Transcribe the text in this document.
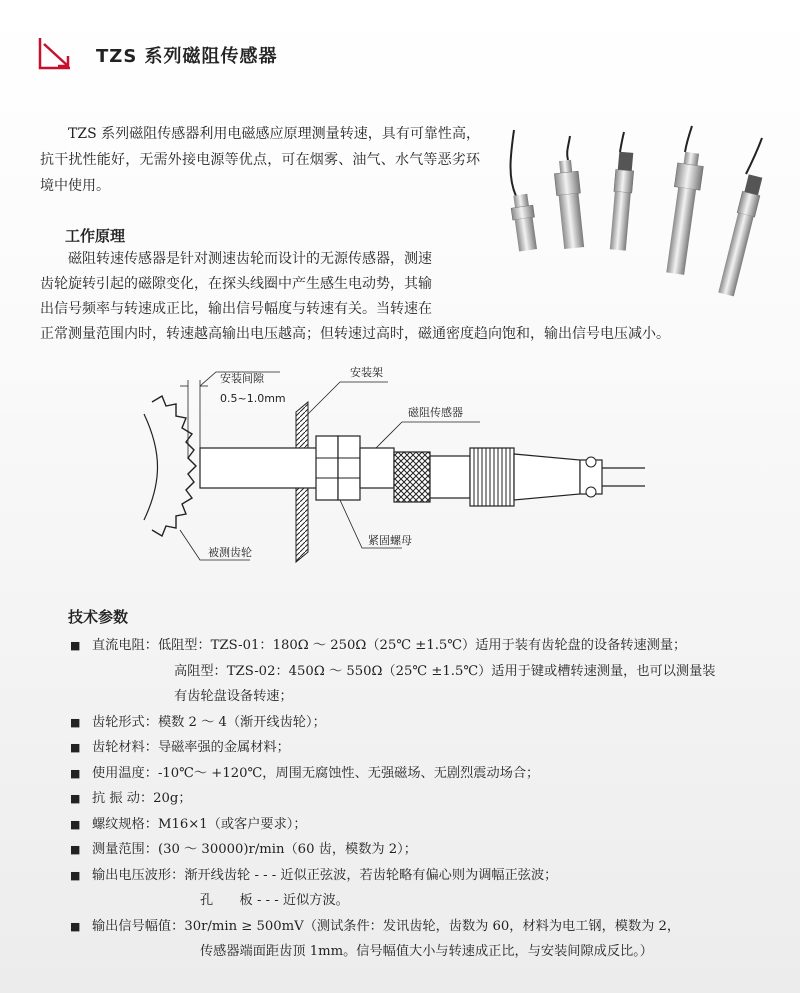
TZS 系列磁阻传感器

TZS 系列磁阻传感器利用电磁感应原理测量转速，具有可靠性高，抗干扰性能好，无需外接电源等优点，可在烟雾、油气、水气等恶劣环境中使用。

工作原理
磁阻转速传感器是针对测速齿轮而设计的无源传感器，测速
齿轮旋转引起的磁隙变化，在探头线圈中产生感生电动势，其输
出信号频率与转速成正比，输出信号幅度与转速有关。当转速在
正常测量范围内时，转速越高输出电压越高；但转速过高时，磁通密度趋向饱和，输出信号电压减小。
安装间隙
0.5~1.0mm
安装架
磁阻传感器
紧固螺母
被测齿轮
技术参数
■ 直流电阻： 低阻型：TZS-01：180Ω ～ 250Ω（25℃ ±1.5℃）适用于装有齿轮盘的设备转速测量；
高阻型：TZS-02：450Ω ～ 550Ω（25℃ ±1.5℃）适用于键或槽转速测量，也可以测量装
有齿轮盘设备转速；
■ 齿轮形式： 模数 2 ～ 4（渐开线齿轮）；
■ 齿轮材料： 导磁率强的金属材料；
■ 使用温度： -10℃～ +120℃，周围无腐蚀性、无强磁场、无剧烈震动场合；
■ 抗 振 动： 20g；
■ 螺纹规格： M16×1（或客户要求）；
■ 测量范围： (30 ～ 30000)r/min（60 齿，模数为 2）；
■ 输出电压波形： 渐开线齿轮 - - - 近似正弦波，若齿轮略有偏心则为调幅正弦波；
孔　　板 - - - 近似方波。
■ 输出信号幅值： 30r/min ≥ 500mV（测试条件：发讯齿轮，齿数为 60，材料为电工钢，模数为 2，
传感器端面距齿顶 1mm。信号幅值大小与转速成正比，与安装间隙成反比。）
